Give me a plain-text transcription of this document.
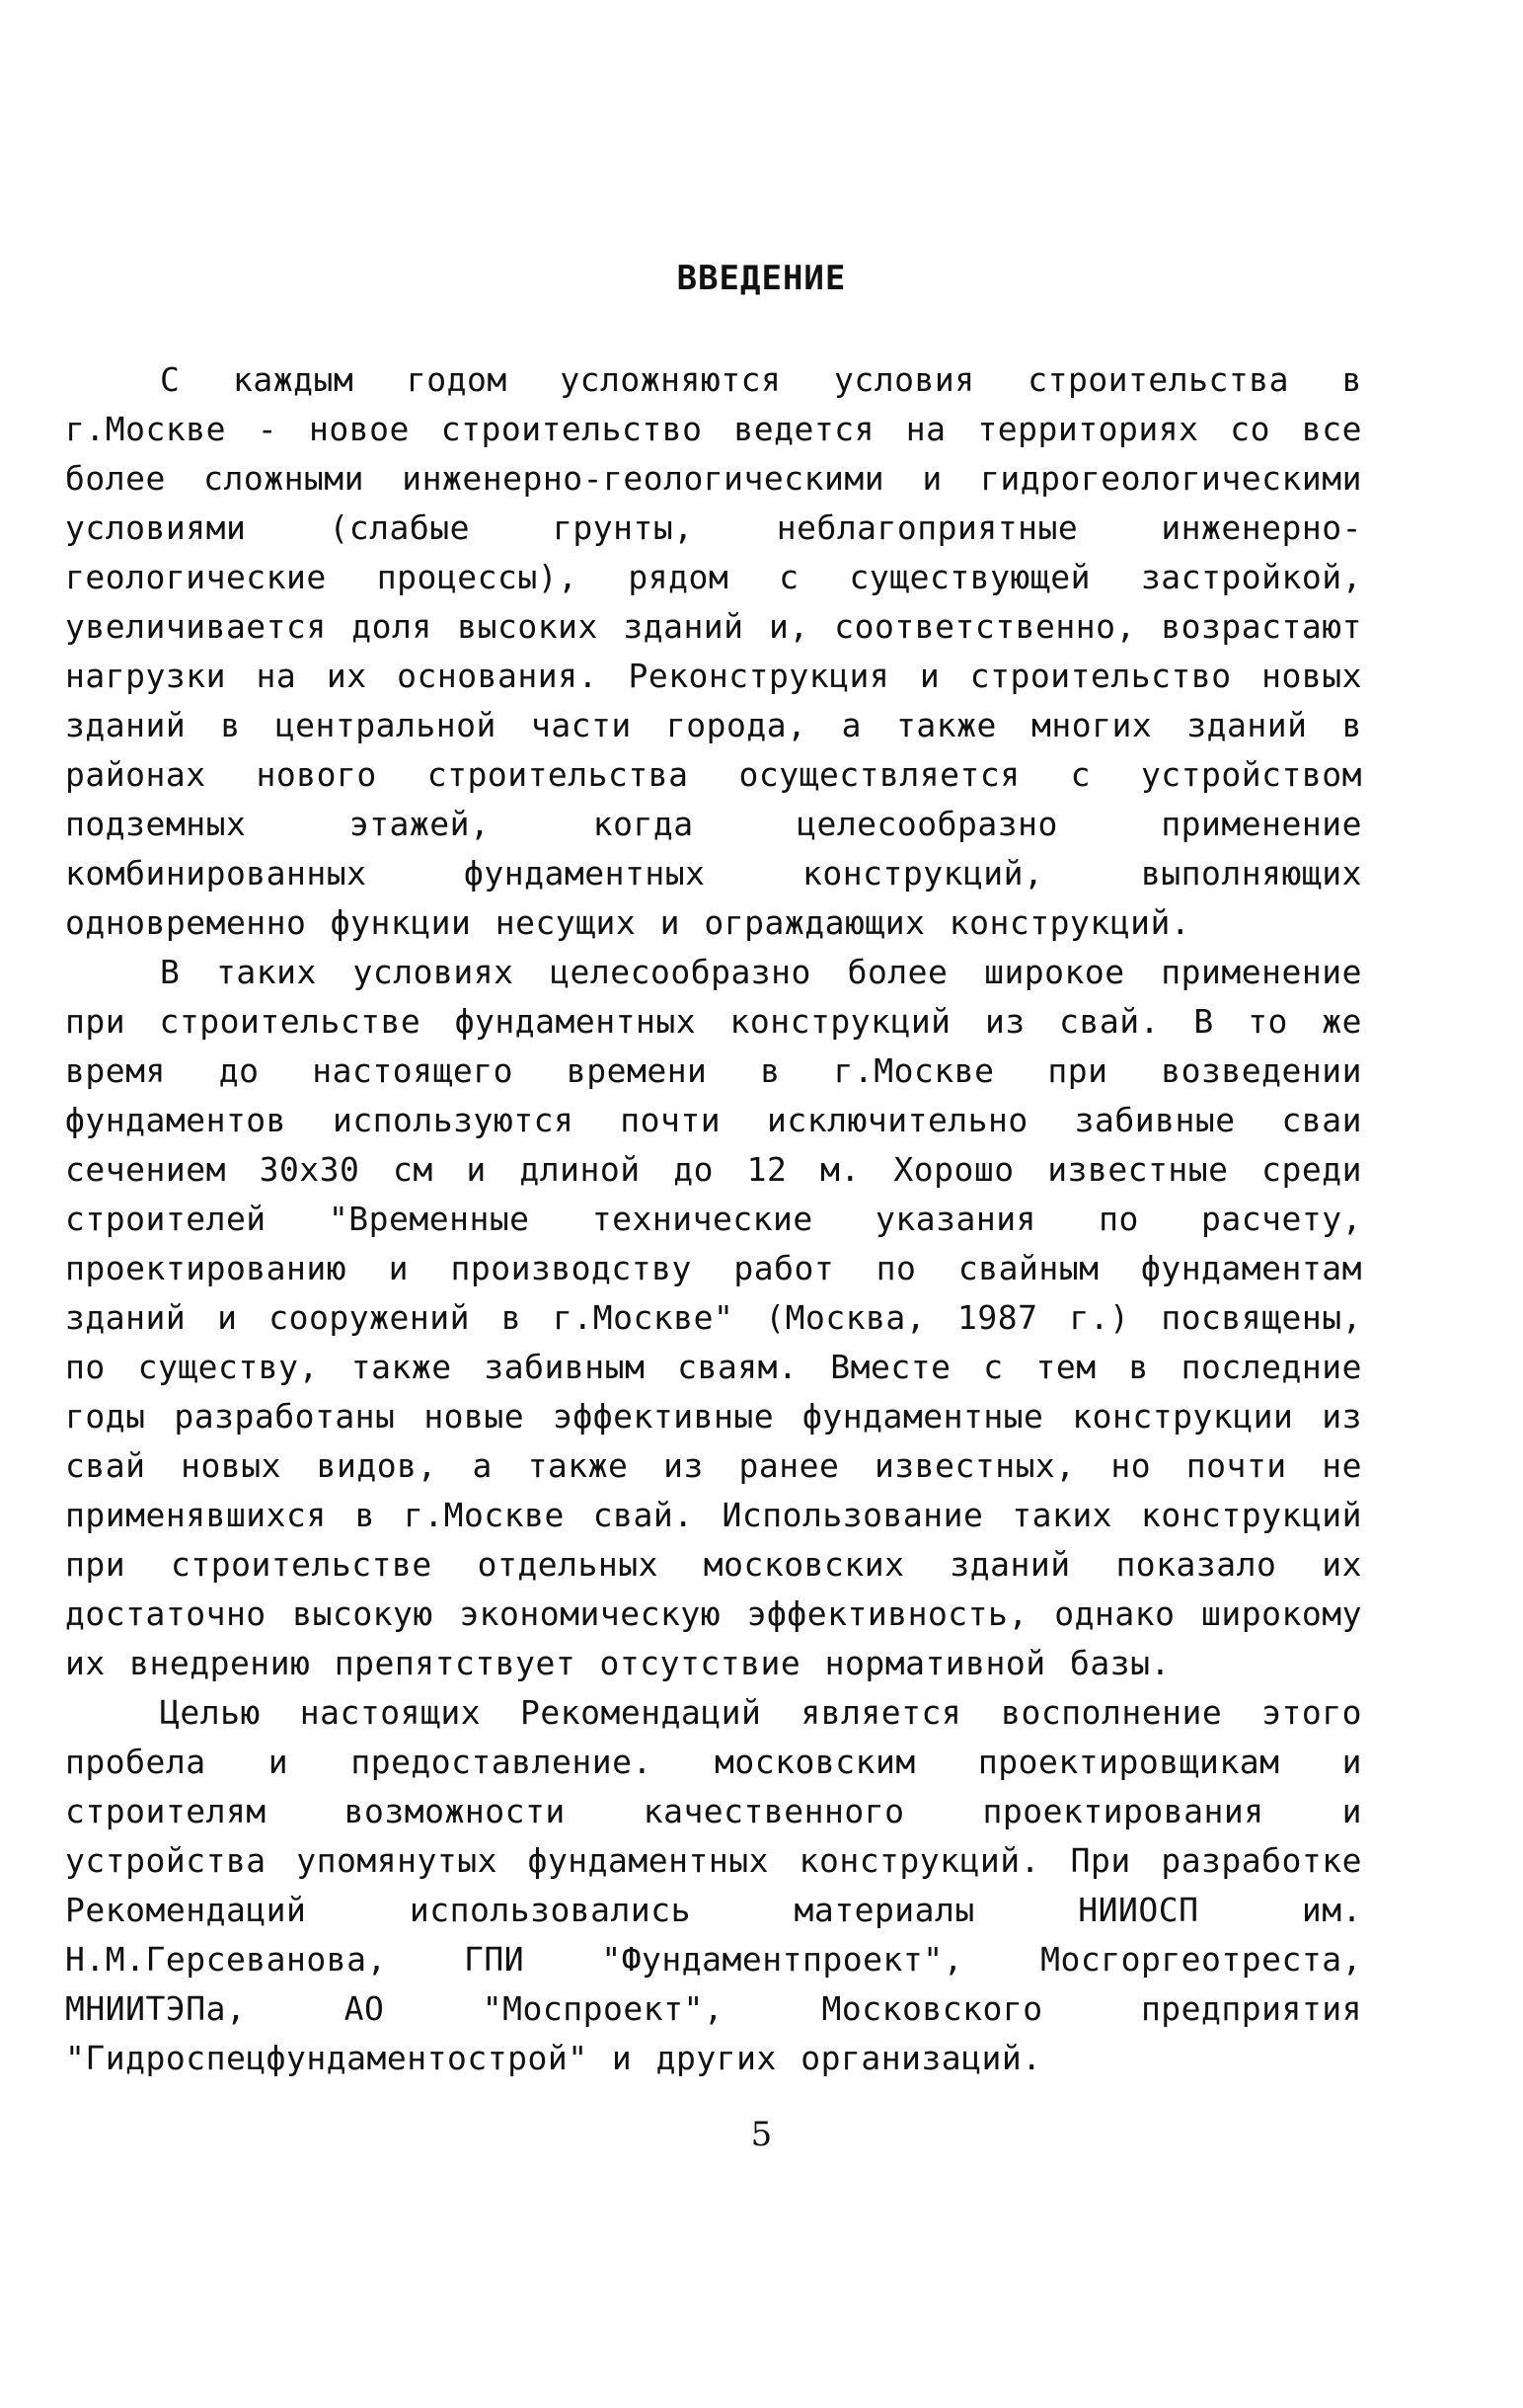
ВВЕДЕНИЕ

С каждым годом усложняются условия строительства в г.Москве - новое строительство ведется на территориях со все более сложными инженерно-геологическими и гидрогеологическими условиями (слабые грунты, неблагоприятные инженерно-геологические процессы), рядом с существующей застройкой, увеличивается доля высоких зданий и, соответственно, возрастают нагрузки на их основания. Реконструкция и строительство новых зданий в центральной части города, а также многих зданий в районах нового строительства осуществляется с устройством подземных этажей, когда целесообразно применение комбинированных фундаментных конструкций, выполняющих одновременно функции несущих и ограждающих конструкций.

В таких условиях целесообразно более широкое применение при строительстве фундаментных конструкций из свай. В то же время до настоящего времени в г.Москве при возведении фундаментов используются почти исключительно забивные сваи сечением 30х30 см и длиной до 12 м. Хорошо известные среди строителей "Временные технические указания по расчету, проектированию и производству работ по свайным фундаментам зданий и сооружений в г.Москве" (Москва, 1987 г.) посвящены, по существу, также забивным сваям. Вместе с тем в последние годы разработаны новые эффективные фундаментные конструкции из свай новых видов, а также из ранее известных, но почти не применявшихся в г.Москве свай. Использование таких конструкций при строительстве отдельных московских зданий показало их достаточно высокую экономическую эффективность, однако широкому их внедрению препятствует отсутствие нормативной базы.

Целью настоящих Рекомендаций является восполнение этого пробела и предоставление. московским проектировщикам и строителям возможности качественного проектирования и устройства упомянутых фундаментных конструкций. При разработке Рекомендаций использовались материалы НИИОСП им. Н.М.Герсеванова, ГПИ "Фундаментпроект", Мосгоргеотреста, МНИИТЭПа, АО "Моспроект", Московского предприятия "Гидроспецфундаментострой" и других организаций.

5
